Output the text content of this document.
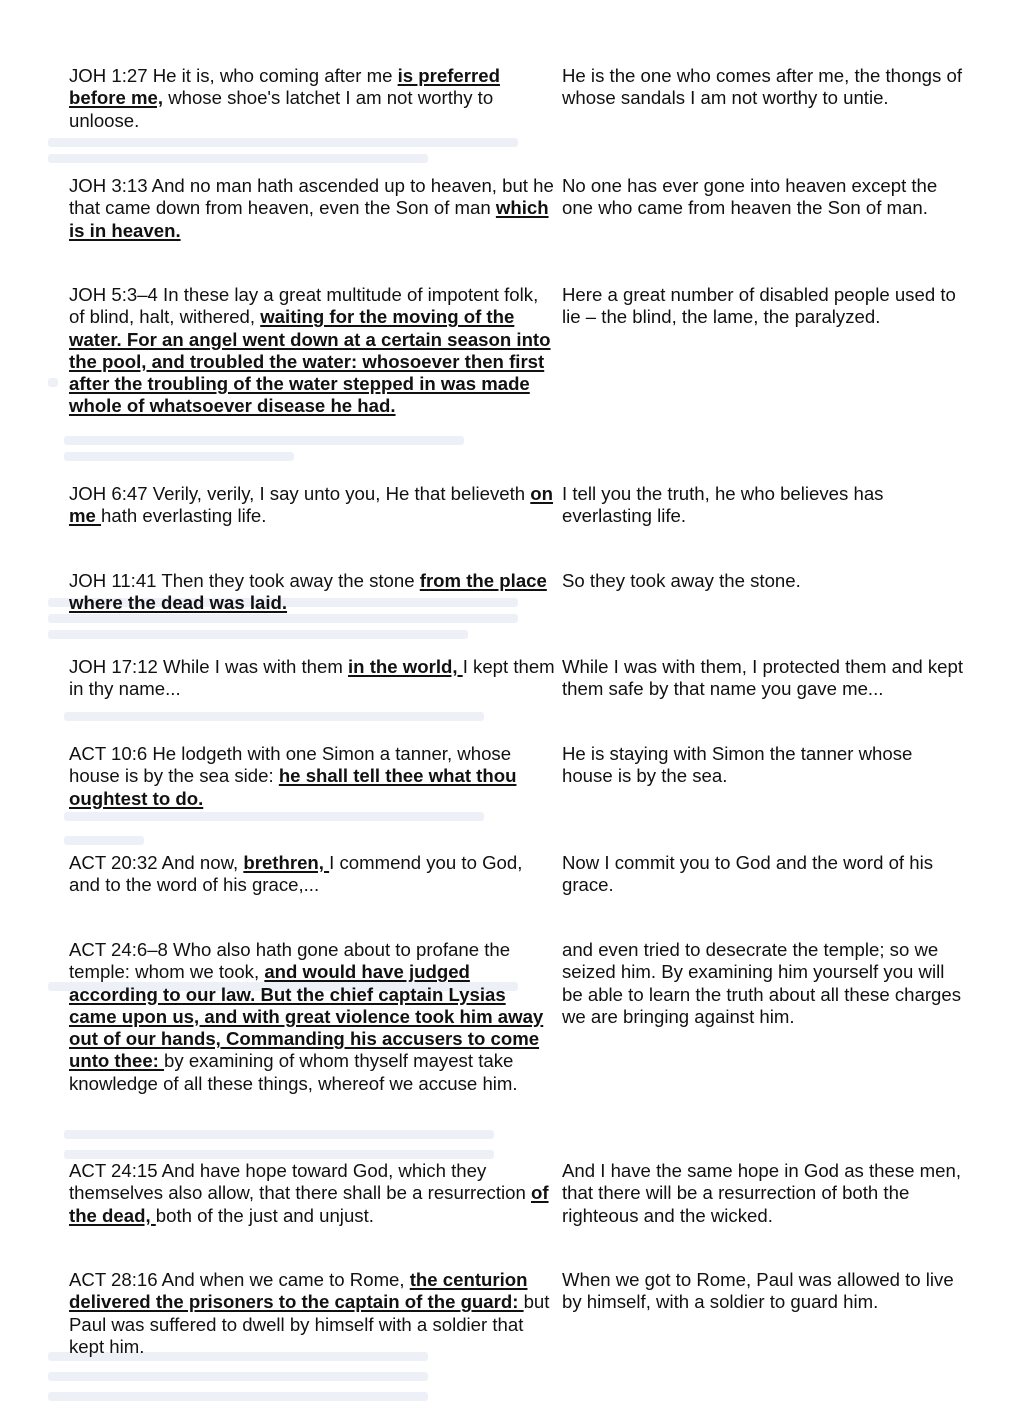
JOH 1:27 He it is, who coming after me is preferred before me, whose shoe's latchet I am not worthy to unloose.
He is the one who comes after me, the thongs of whose sandals I am not worthy to untie.
JOH 3:13 And no man hath ascended up to heaven, but he that came down from heaven, even the Son of man which is in heaven.
No one has ever gone into heaven except the one who came from heaven the Son of man.
JOH 5:3–4 In these lay a great multitude of impotent folk, of blind, halt, withered, waiting for the moving of the water. For an angel went down at a certain season into the pool, and troubled the water: whosoever then first after the troubling of the water stepped in was made whole of whatsoever disease he had.
Here a great number of disabled people used to lie – the blind, the lame, the paralyzed.
JOH 6:47 Verily, verily, I say unto you, He that believeth on me hath everlasting life.
I tell you the truth, he who believes has everlasting life.
JOH 11:41 Then they took away the stone from the place where the dead was laid.
So they took away the stone.
JOH 17:12 While I was with them in the world, I kept them in thy name...
While I was with them, I protected them and kept them safe by that name you gave me...
ACT 10:6 He lodgeth with one Simon a tanner, whose house is by the sea side: he shall tell thee what thou oughtest to do.
He is staying with Simon the tanner whose house is by the sea.
ACT 20:32 And now, brethren, I commend you to God, and to the word of his grace,...
Now I commit you to God and the word of his grace.
ACT 24:6–8 Who also hath gone about to profane the temple: whom we took, and would have judged according to our law. But the chief captain Lysias came upon us, and with great violence took him away out of our hands, Commanding his accusers to come unto thee: by examining of whom thyself mayest take knowledge of all these things, whereof we accuse him.
and even tried to desecrate the temple; so we seized him. By examining him yourself you will be able to learn the truth about all these charges we are bringing against him.
ACT 24:15 And have hope toward God, which they themselves also allow, that there shall be a resurrection of the dead, both of the just and unjust.
And I have the same hope in God as these men, that there will be a resurrection of both the righteous and the wicked.
ACT 28:16 And when we came to Rome, the centurion delivered the prisoners to the captain of the guard: but Paul was suffered to dwell by himself with a soldier that kept him.
When we got to Rome, Paul was allowed to live by himself, with a soldier to guard him.
